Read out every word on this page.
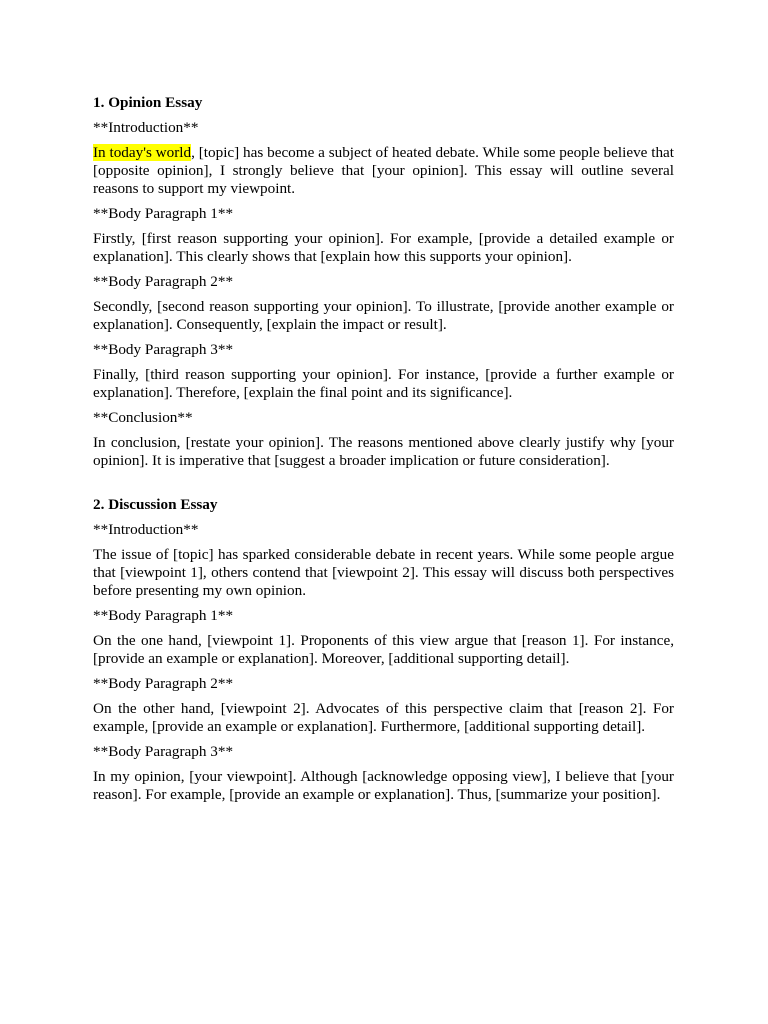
1. Opinion Essay
**Introduction**
In today's world, [topic] has become a subject of heated debate. While some people believe that [opposite opinion], I strongly believe that [your opinion]. This essay will outline several reasons to support my viewpoint.
**Body Paragraph 1**
Firstly, [first reason supporting your opinion]. For example, [provide a detailed example or explanation]. This clearly shows that [explain how this supports your opinion].
**Body Paragraph 2**
Secondly, [second reason supporting your opinion]. To illustrate, [provide another example or explanation]. Consequently, [explain the impact or result].
**Body Paragraph 3**
Finally, [third reason supporting your opinion]. For instance, [provide a further example or explanation]. Therefore, [explain the final point and its significance].
**Conclusion**
In conclusion, [restate your opinion]. The reasons mentioned above clearly justify why [your opinion]. It is imperative that [suggest a broader implication or future consideration].
2. Discussion Essay
**Introduction**
The issue of [topic] has sparked considerable debate in recent years. While some people argue that [viewpoint 1], others contend that [viewpoint 2]. This essay will discuss both perspectives before presenting my own opinion.
**Body Paragraph 1**
On the one hand, [viewpoint 1]. Proponents of this view argue that [reason 1]. For instance, [provide an example or explanation]. Moreover, [additional supporting detail].
**Body Paragraph 2**
On the other hand, [viewpoint 2]. Advocates of this perspective claim that [reason 2]. For example, [provide an example or explanation]. Furthermore, [additional supporting detail].
**Body Paragraph 3**
In my opinion, [your viewpoint]. Although [acknowledge opposing view], I believe that [your reason]. For example, [provide an example or explanation]. Thus, [summarize your position].
